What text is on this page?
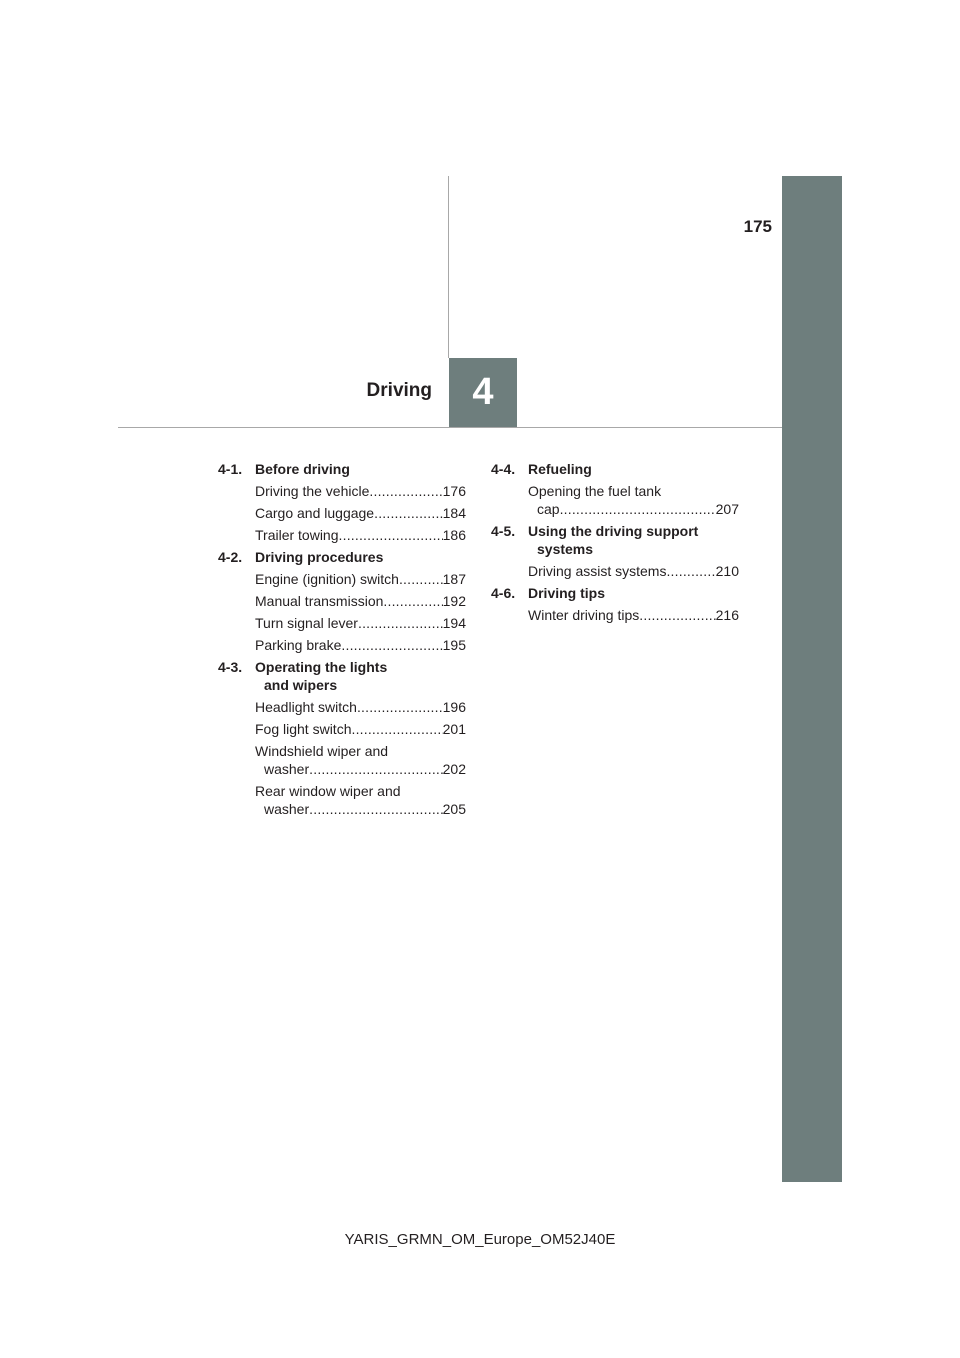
175
Driving 4
4-1. Before driving
Driving the vehicle .....	176
Cargo and luggage .....	184
Trailer towing .....	186
4-2. Driving procedures
Engine (ignition) switch .....	187
Manual transmission .....	192
Turn signal lever .....	194
Parking brake .....	195
4-3. Operating the lights
and wipers
Headlight switch .....	196
Fog light switch .....	201
Windshield wiper and
washer .....	202
Rear window wiper and
washer .....	205
4-4. Refueling
Opening the fuel tank
cap .....	207
4-5. Using the driving support
systems
Driving assist systems .....	210
4-6. Driving tips
Winter driving tips .....	216
YARIS_GRMN_OM_Europe_OM52J40E
